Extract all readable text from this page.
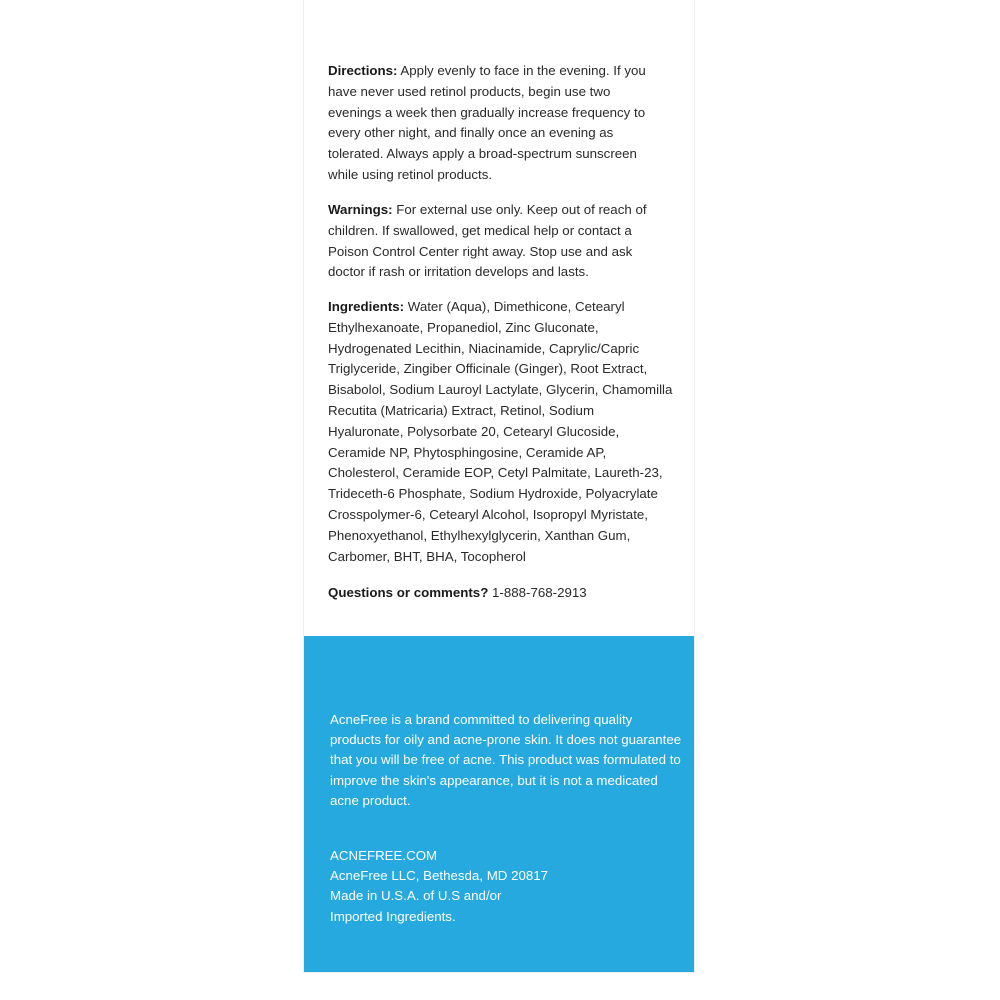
Directions: Apply evenly to face in the evening. If you
have never used retinol products, begin use two
evenings a week then gradually increase frequency to
every other night, and finally once an evening as
tolerated. Always apply a broad-spectrum sunscreen
while using retinol products.

Warnings: For external use only. Keep out of reach of
children. If swallowed, get medical help or contact a
Poison Control Center right away. Stop use and ask
doctor if rash or irritation develops and lasts.

Ingredients: Water (Aqua), Dimethicone, Cetearyl
Ethylhexanoate, Propanediol, Zinc Gluconate,
Hydrogenated Lecithin, Niacinamide, Caprylic/Capric
Triglyceride, Zingiber Officinale (Ginger), Root Extract,
Bisabolol, Sodium Lauroyl Lactylate, Glycerin, Chamomilla
Recutita (Matricaria) Extract, Retinol, Sodium
Hyaluronate, Polysorbate 20, Cetearyl Glucoside,
Ceramide NP, Phytosphingosine, Ceramide AP,
Cholesterol, Ceramide EOP, Cetyl Palmitate, Laureth-23,
Trideceth-6 Phosphate, Sodium Hydroxide, Polyacrylate
Crosspolymer-6, Cetearyl Alcohol, Isopropyl Myristate,
Phenoxyethanol, Ethylhexylglycerin, Xanthan Gum,
Carbomer, BHT, BHA, Tocopherol

Questions or comments? 1-888-768-2913

AcneFree is a brand committed to delivering quality
products for oily and acne-prone skin. It does not guarantee
that you will be free of acne. This product was formulated to
improve the skin's appearance, but it is not a medicated
acne product.

ACNEFREE.COM
AcneFree LLC, Bethesda, MD 20817
Made in U.S.A. of U.S and/or
Imported Ingredients.
